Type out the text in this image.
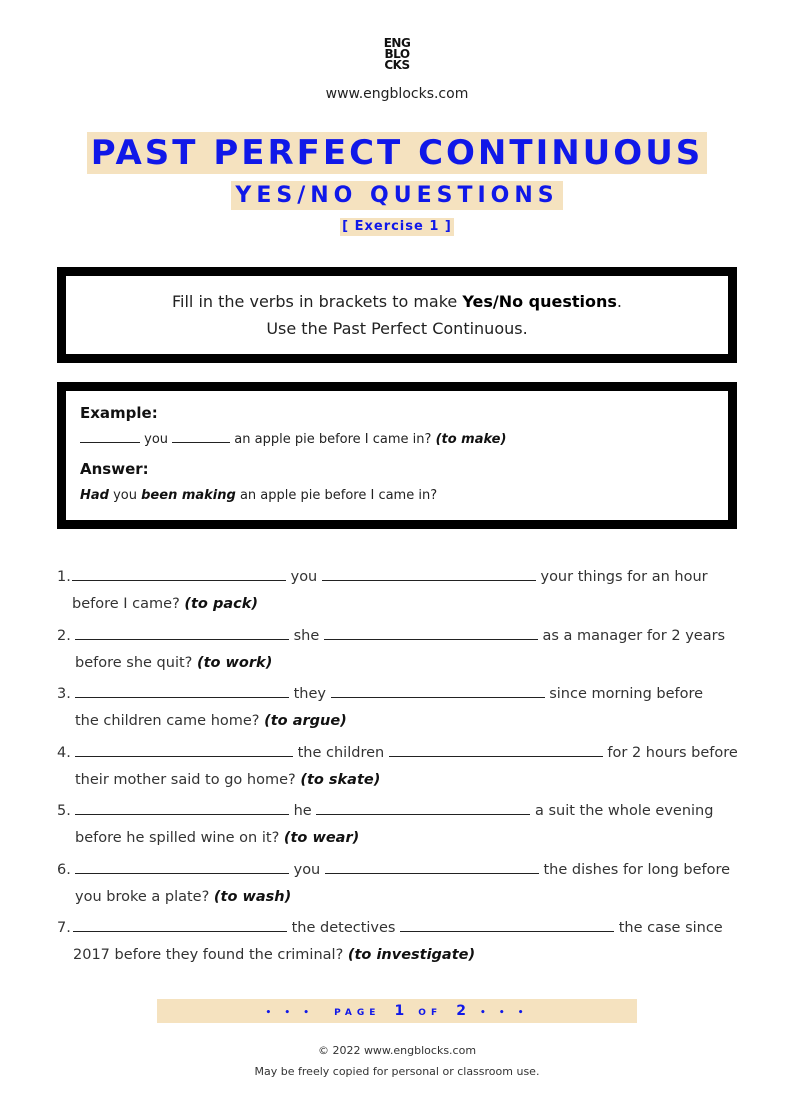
ENG
BLO
CKS
www.engblocks.com
PAST PERFECT CONTINUOUS
YES/NO QUESTIONS
[ Exercise 1 ]
Fill in the verbs in brackets to make Yes/No questions.
Use the Past Perfect Continuous.
Example:
you	an apple pie before I came in? (to make)
Answer:
Had you been making an apple pie before I came in?
1.	you	your things for an hour
before I came? (to pack)
2.	she	as a manager for 2 years
before she quit? (to work)
3.	they	since morning before
the children came home? (to argue)
4.	the children	for 2 hours before
their mother said to go home? (to skate)
5.	he	a suit the whole evening
before he spilled wine on it? (to wear)
6.	you	the dishes for long before
you broke a plate? (to wash)
7.	the detectives	the case since
2017 before they found the criminal? (to investigate)
• • • PAGE 1 OF 2 • • •
© 2022 www.engblocks.com
May be freely copied for personal or classroom use.
